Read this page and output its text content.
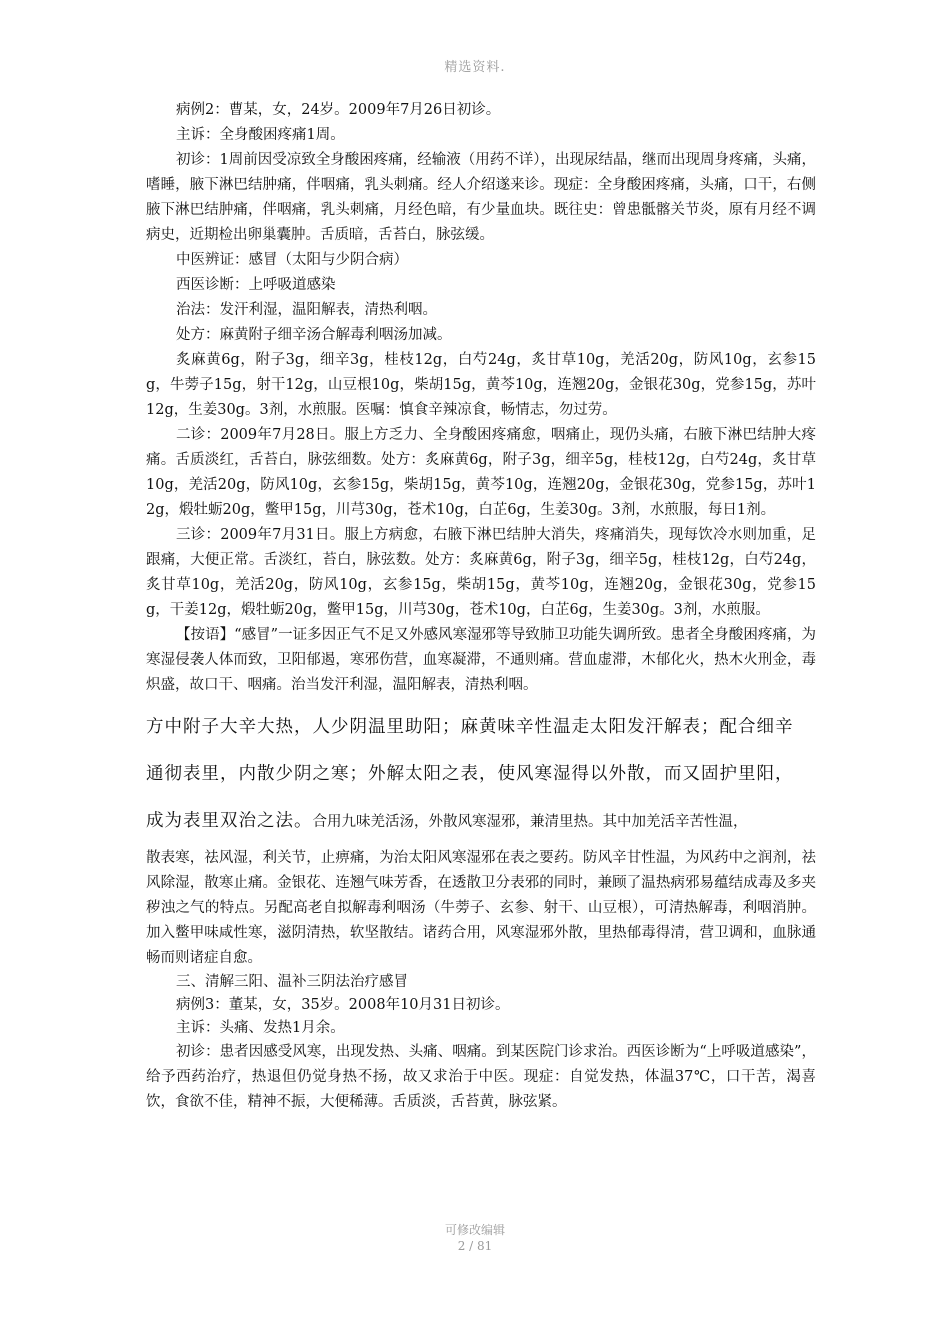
精选资料.

病例2：曹某，女，24岁。2009年7月26日初诊。

主诉：全身酸困疼痛1周。

初诊：1周前因受凉致全身酸困疼痛，经输液（用药不详），出现尿结晶，继而出现周身疼痛，头痛，嗜睡，腋下淋巴结肿痛，伴咽痛，乳头刺痛。经人介绍遂来诊。现症：全身酸困疼痛，头痛，口干，右侧腋下淋巴结肿痛，伴咽痛，乳头刺痛，月经色暗，有少量血块。既往史：曾患骶髂关节炎，原有月经不调病史，近期检出卵巢囊肿。舌质暗，舌苔白，脉弦缓。

中医辨证：感冒（太阳与少阴合病）

西医诊断：上呼吸道感染

治法：发汗利湿，温阳解表，清热利咽。

处方：麻黄附子细辛汤合解毒利咽汤加减。

炙麻黄6g，附子3g，细辛3g，桂枝12g，白芍24g，炙甘草10g，羌活20g，防风10g，玄参15g，牛蒡子15g，射干12g，山豆根10g，柴胡15g，黄芩10g，连翘20g，金银花30g，党参15g，苏叶12g，生姜30g。3剂，水煎服。医嘱：慎食辛辣凉食，畅情志，勿过劳。

二诊：2009年7月28日。服上方乏力、全身酸困疼痛愈，咽痛止，现仍头痛，右腋下淋巴结肿大疼痛。舌质淡红，舌苔白，脉弦细数。处方：炙麻黄6g，附子3g，细辛5g，桂枝12g，白芍24g，炙甘草10g，羌活20g，防风10g，玄参15g，柴胡15g，黄芩10g，连翘20g，金银花30g，党参15g，苏叶12g，煅牡蛎20g，鳖甲15g，川芎30g，苍术10g，白芷6g，生姜30g。3剂，水煎服，每日1剂。

三诊：2009年7月31日。服上方病愈，右腋下淋巴结肿大消失，疼痛消失，现每饮冷水则加重，足跟痛，大便正常。舌淡红，苔白，脉弦数。处方：炙麻黄6g，附子3g，细辛5g，桂枝12g，白芍24g，炙甘草10g，羌活20g，防风10g，玄参15g，柴胡15g，黄芩10g，连翘20g，金银花30g，党参15g，干姜12g，煅牡蛎20g，鳖甲15g，川芎30g，苍术10g，白芷6g，生姜30g。3剂，水煎服。

【按语】“感冒”一证多因正气不足又外感风寒湿邪等导致肺卫功能失调所致。患者全身酸困疼痛，为寒湿侵袭人体而致，卫阳郁遏，寒邪伤营，血寒凝滞，不通则痛。营血虚滞，木郁化火，热木火刑金，毒炽盛，故口干、咽痛。治当发汗利湿，温阳解表，清热利咽。

方中附子大辛大热，人少阴温里助阳；麻黄味辛性温走太阳发汗解表；配合细辛

通彻表里，内散少阴之寒；外解太阳之表，使风寒湿得以外散，而又固护里阳，

成为表里双治之法。合用九味羌活汤，外散风寒湿邪，兼清里热。其中加羌活辛苦性温，

散表寒，祛风湿，利关节，止痹痛，为治太阳风寒湿邪在表之要药。防风辛甘性温，为风药中之润剂，祛风除湿，散寒止痛。金银花、连翘气味芳香，在透散卫分表邪的同时，兼顾了温热病邪易蕴结成毒及多夹秽浊之气的特点。另配高老自拟解毒利咽汤（牛蒡子、玄参、射干、山豆根），可清热解毒，利咽消肿。加入鳖甲味咸性寒，滋阴清热，软坚散结。诸药合用，风寒湿邪外散，里热郁毒得清，营卫调和，血脉通畅而则诸症自愈。

三、清解三阳、温补三阴法治疗感冒

病例3：董某，女，35岁。2008年10月31日初诊。

主诉：头痛、发热1月余。

初诊：患者因感受风寒，出现发热、头痛、咽痛。到某医院门诊求治。西医诊断为“上呼吸道感染”，给予西药治疗，热退但仍觉身热不扬，故又求治于中医。现症：自觉发热，体温37℃，口干苦，渴喜饮，食欲不佳，精神不振，大便稀薄。舌质淡，舌苔黄，脉弦紧。

可修改编辑
2 / 81
